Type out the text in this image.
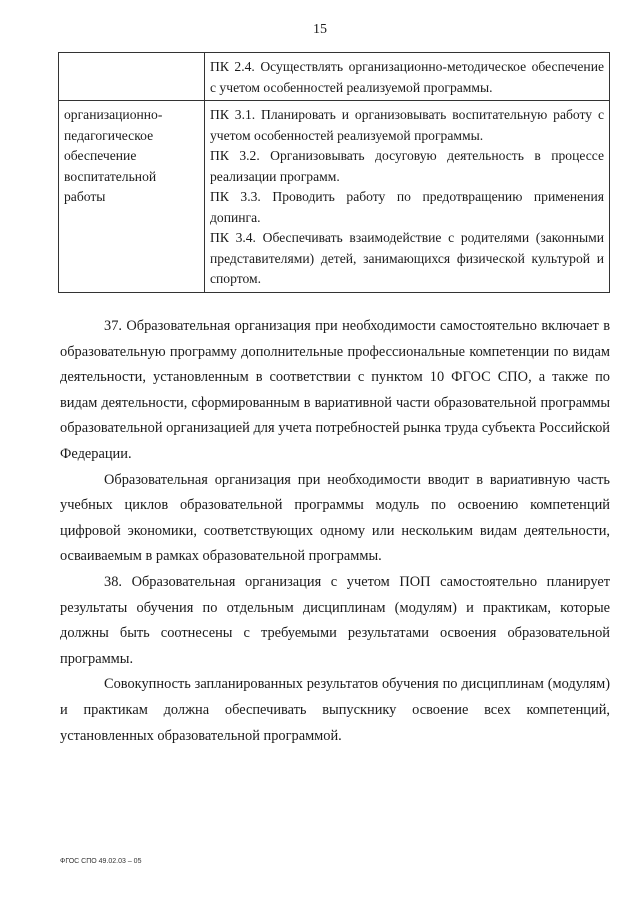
15

	ПК 2.4. Осуществлять организационно-методическое обеспечение с учетом особенностей реализуемой программы.

организационно-педагогическое обеспечение воспитательной работы	ПК 3.1. Планировать и организовывать воспитательную работу с учетом особенностей реализуемой программы.
ПК 3.2. Организовывать досуговую деятельность в процессе реализации программ.
ПК 3.3. Проводить работу по предотвращению применения допинга.
ПК 3.4. Обеспечивать взаимодействие с родителями (законными представителями) детей, занимающихся физической культурой и спортом.

37. Образовательная организация при необходимости самостоятельно включает в образовательную программу дополнительные профессиональные компетенции по видам деятельности, установленным в соответствии с пунктом 10 ФГОС СПО, а также по видам деятельности, сформированным в вариативной части образовательной программы образовательной организацией для учета потребностей рынка труда субъекта Российской Федерации.

Образовательная организация при необходимости вводит в вариативную часть учебных циклов образовательной программы модуль по освоению компетенций цифровой экономики, соответствующих одному или нескольким видам деятельности, осваиваемым в рамках образовательной программы.

38. Образовательная организация с учетом ПОП самостоятельно планирует результаты обучения по отдельным дисциплинам (модулям) и практикам, которые должны быть соотнесены с требуемыми результатами освоения образовательной программы.

Совокупность запланированных результатов обучения по дисциплинам (модулям) и практикам должна обеспечивать выпускнику освоение всех компетенций, установленных образовательной программой.

ФГОС СПО 49.02.03 – 05
